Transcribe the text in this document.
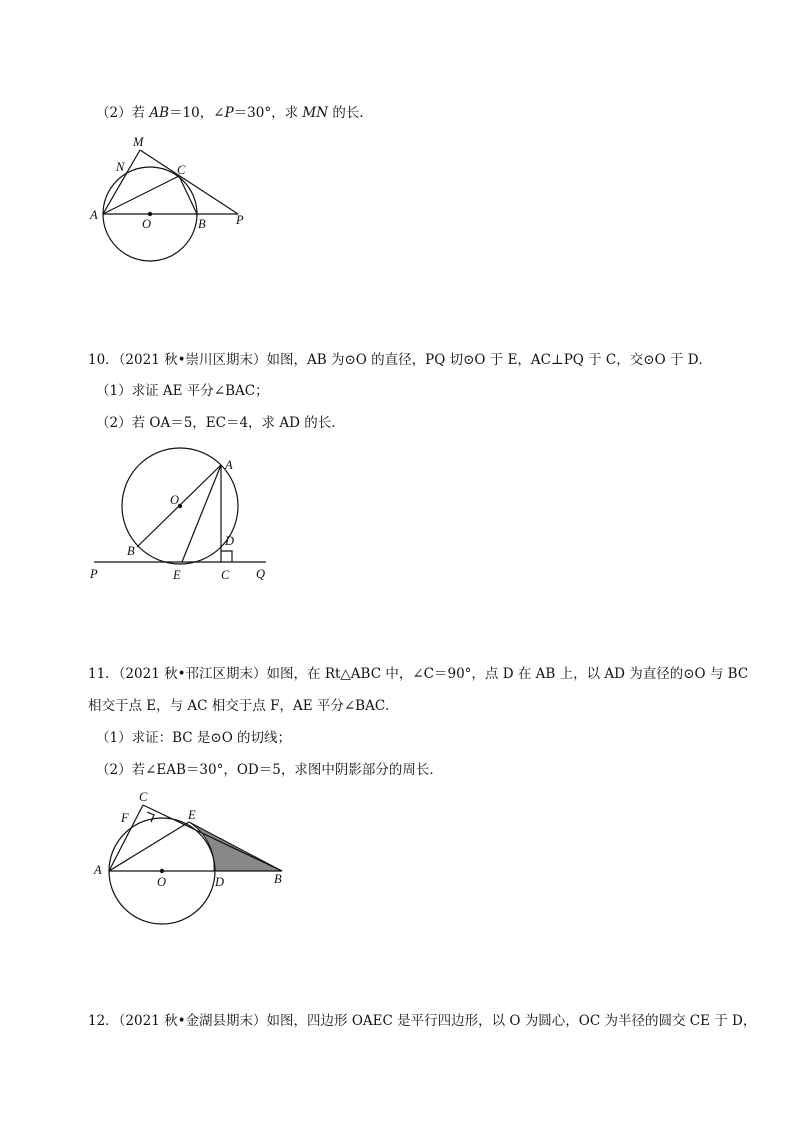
（2）若 AB＝10，∠P＝30°，求 MN 的长．
M
N	C
A
O	B P
10．（2021 秋•崇川区期末）如图，AB 为⊙O 的直径，PQ 切⊙O 于 E，AC⊥PQ 于 C，交⊙O 于 D．
（1）求证 AE 平分∠BAC；
（2）若 OA＝5，EC＝4，求 AD 的长．
A
O
B
D
P	E	C Q
11．（2021 秋•邗江区期末）如图，在 Rt△ABC 中，∠C＝90°，点 D 在 AB 上，以 AD 为直径的⊙O 与 BC
相交于点 E，与 AC 相交于点 F，AE 平分∠BAC．
（1）求证：BC 是⊙O 的切线；
（2）若∠EAB＝30°，OD＝5，求图中阴影部分的周长．
C
F	E
A
O	D	B
12．（2021 秋•金湖县期末）如图，四边形 OAEC 是平行四边形，以 O 为圆心，OC 为半径的圆交 CE 于 D，
